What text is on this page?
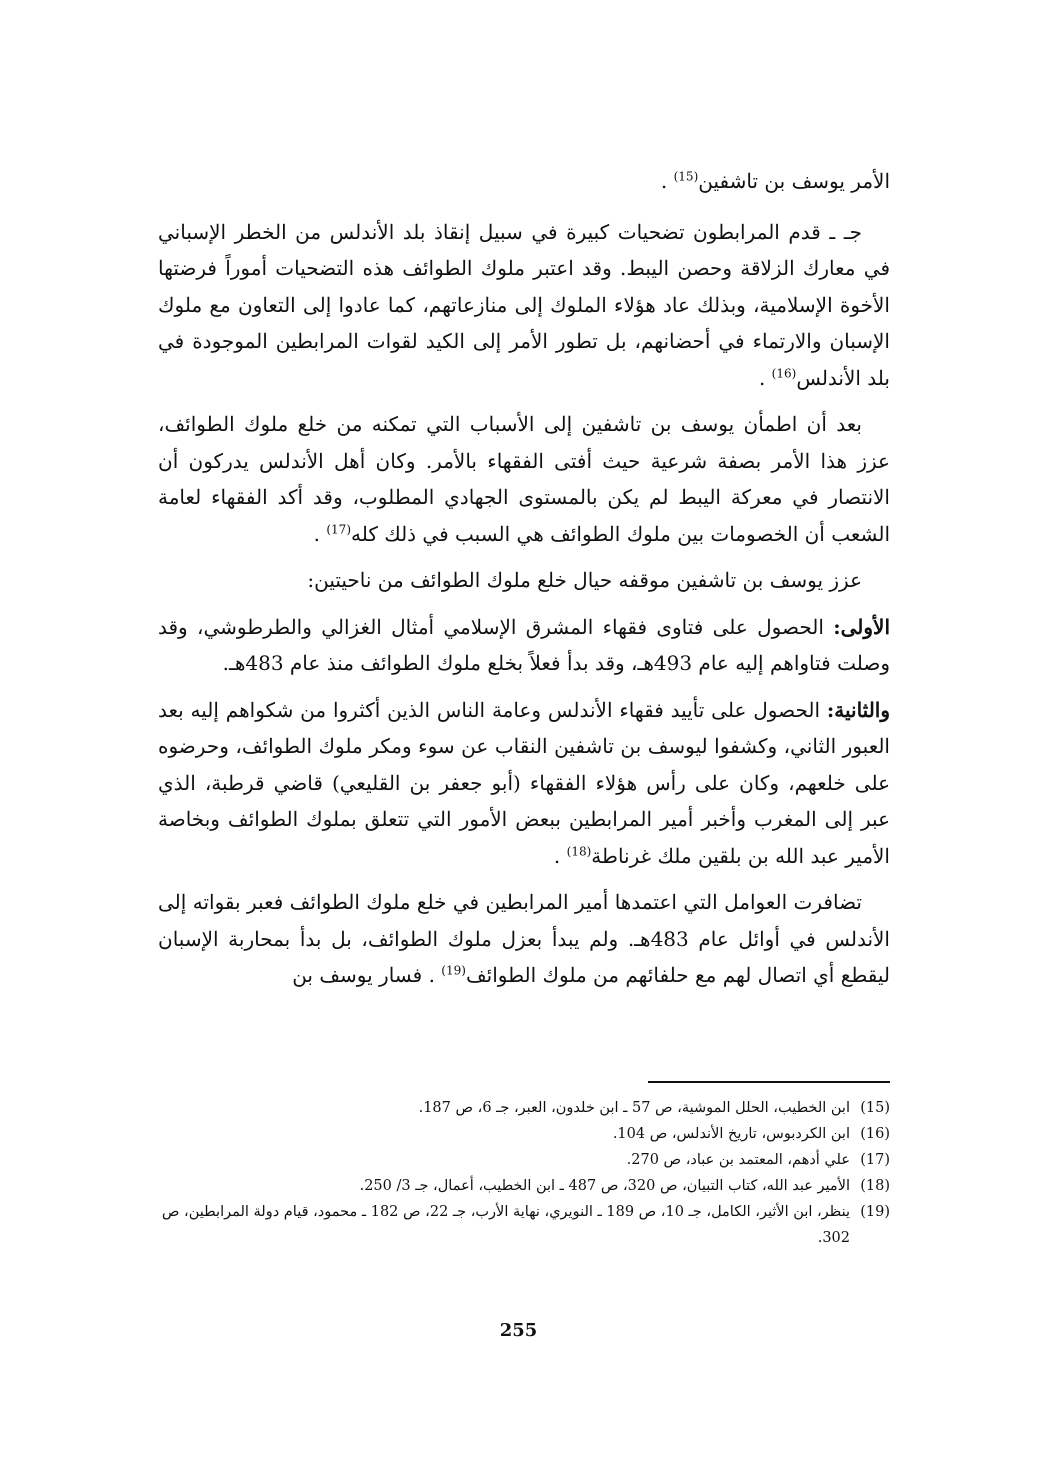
الأمر يوسف بن تاشفين$^{(15)}$ .

جـ ـ قدم المرابطون تضحيات كبيرة في سبيل إنقاذ بلد الأندلس من الخطر الإسباني في معارك الزلاقة وحصن اليبط. وقد اعتبر ملوك الطوائف هذه التضحيات أموراً فرضتها الأخوة الإسلامية، وبذلك عاد هؤلاء الملوك إلى منازعاتهم، كما عادوا إلى التعاون مع ملوك الإسبان والارتماء في أحضانهم، بل تطور الأمر إلى الكيد لقوات المرابطين الموجودة في بلد الأندلس$^{(16)}$ .

بعد أن اطمأن يوسف بن تاشفين إلى الأسباب التي تمكنه من خلع ملوك الطوائف، عزز هذا الأمر بصفة شرعية حيث أفتى الفقهاء بالأمر. وكان أهل الأندلس يدركون أن الانتصار في معركة اليبط لم يكن بالمستوى الجهادي المطلوب، وقد أكد الفقهاء لعامة الشعب أن الخصومات بين ملوك الطوائف هي السبب في ذلك كله$^{(17)}$ .

عزز يوسف بن تاشفين موقفه حيال خلع ملوك الطوائف من ناحيتين:

الأولى: الحصول على فتاوى فقهاء المشرق الإسلامي أمثال الغزالي والطرطوشي، وقد وصلت فتاواهم إليه عام 493هـ، وقد بدأ فعلاً بخلع ملوك الطوائف منذ عام 483هـ.

والثانية: الحصول على تأييد فقهاء الأندلس وعامة الناس الذين أكثروا من شكواهم إليه بعد العبور الثاني، وكشفوا ليوسف بن تاشفين النقاب عن سوء ومكر ملوك الطوائف، وحرضوه على خلعهم، وكان على رأس هؤلاء الفقهاء (أبو جعفر بن القليعي) قاضي قرطبة، الذي عبر إلى المغرب وأخبر أمير المرابطين ببعض الأمور التي تتعلق بملوك الطوائف وبخاصة الأمير عبد الله بن بلقين ملك غرناطة$^{(18)}$ .

تضافرت العوامل التي اعتمدها أمير المرابطين في خلع ملوك الطوائف فعبر بقواته إلى الأندلس في أوائل عام 483هـ. ولم يبدأ بعزل ملوك الطوائف، بل بدأ بمحاربة الإسبان ليقطع أي اتصال لهم مع حلفائهم من ملوك الطوائف$^{(19)}$ . فسار يوسف بن

(15)
ابن الخطيب، الحلل الموشية، ص 57 ـ ابن خلدون، العبر، جـ 6، ص 187.
(16)
ابن الكردبوس، تاريخ الأندلس، ص 104.
(17)
علي أدهم، المعتمد بن عباد، ص 270.
(18)
الأمير عبد الله، كتاب التبيان، ص 320، ص 487 ـ ابن الخطيب، أعمال، جـ 3/ 250.
(19)
ينظر، ابن الأثير، الكامل، جـ 10، ص 189 ـ النويري، نهاية الأرب، جـ 22، ص 182 ـ محمود، قيام دولة المرابطين، ص 302.
255
